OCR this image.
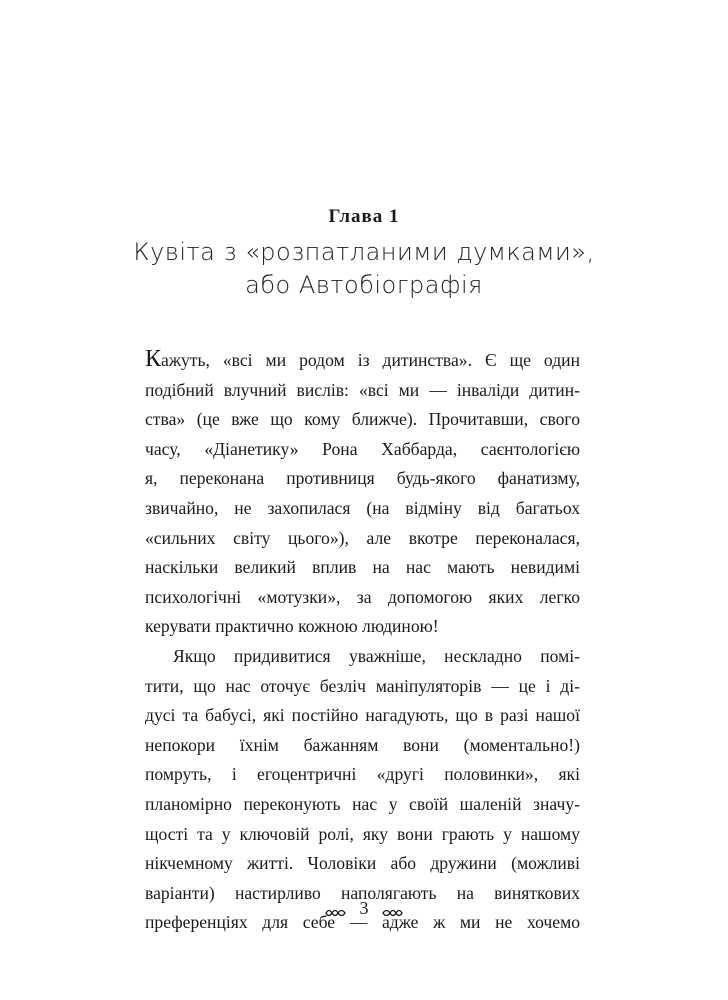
Глава 1
Кувіта з «розпатланими думками»,
або Автобіографія
Кажуть, «всі ми родом із дитинства». Є ще один
подібний влучний вислів: «всі ми — інваліди дитин-
ства» (це вже що кому ближче). Прочитавши, свого
часу, «Діанетику» Рона Хаббарда, саєнтологією
я, переконана противниця будь-якого фанатизму,
звичайно, не захопилася (на відміну від багатьох
«сильних світу цього»), але вкотре переконалася,
наскільки великий вплив на нас мають невидимі
психологічні «мотузки», за допомогою яких легко
керувати практично кожною людиною!
Якщо придивитися уважніше, нескладно помі-
тити, що нас оточує безліч маніпуляторів — це і ді-
дусі та бабусі, які постійно нагадують, що в разі нашої
непокори їхнім бажанням вони (моментально!)
помруть, і егоцентричні «другі половинки», які
планомірно переконують нас у своїй шаленій значу-
щості та у ключовій ролі, яку вони грають у нашому
нікчемному житті. Чоловіки або дружини (можливі
варіанти) настирливо наполягають на виняткових
преференціях для себе — адже ж ми не хочемо
3
